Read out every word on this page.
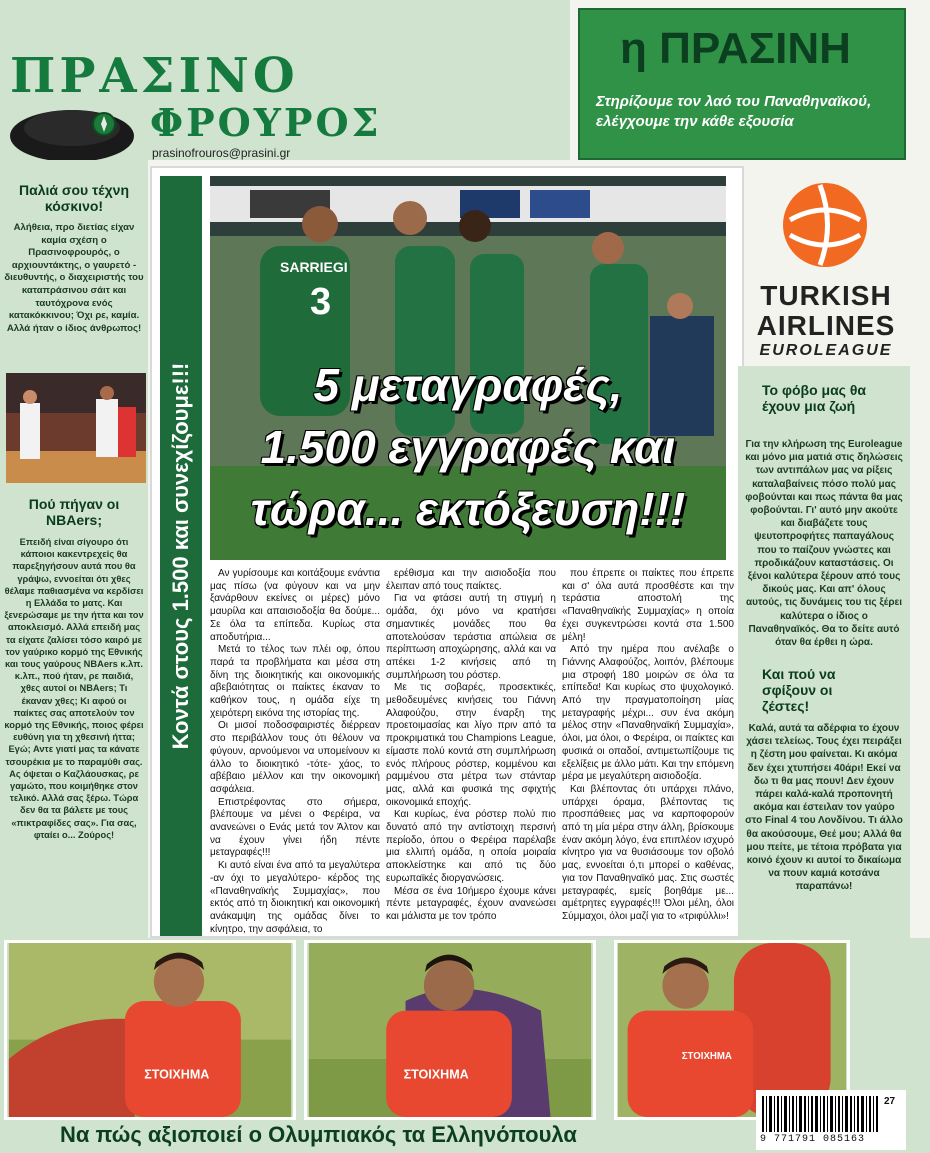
ΠΡΑΣΙΝΟ
ΦΡΟΥΡΟΣ
prasinofrouros@prasini.gr
η ΠΡΑΣΙΝΗ
Στηρίζουμε τον λαό του Παναθηναϊκού, ελέγχουμε την κάθε εξουσία
Παλιά σου τέχνη κόσκινο!
Αλήθεια, προ διετίας είχαν καμία σχέση ο Πρασινοφρουρός, ο αρχιουντάκτης, ο γαυρετό - διευθυντής, ο διαχειριστής του καταπράσινου σάιτ και ταυτόχρονα ενός κατακόκκινου; Όχι ρε, καμία. Αλλά ήταν ο ίδιος άνθρωπος!
Πού πήγαν οι NBAers;
Επειδή είναι σίγουρο ότι κάποιοι κακεντρεχείς θα παρεξηγήσουν αυτά που θα γράψω, εννοείται ότι χθες θέλαμε παθιασμένα να κερδίσει η Ελλάδα το ματς. Και ξενερώσαμε με την ήττα και τον αποκλεισμό. Αλλά επειδή μας τα είχατε ζαλίσει τόσο καιρό με τον γαύρικο κορμό της Εθνικής και τους γαύρους NBAers κ.λπ. κ.λπ., πού ήταν, ρε παιδιά, χθες αυτοί οι NBAers; Τι έκαναν χθες; Κι αφού οι παίκτες σας αποτελούν τον κορμό της Εθνικής, ποιος φέρει ευθύνη για τη χθεσινή ήττα; Εγώ; Αντε γιατί μας τα κάνατε τσουρέκια με το παραμύθι σας. Ας όψεται ο Καζλάουσκας, ρε γαμώτο, που κοιμήθηκε στον τελικό. Αλλά σας ξέρω. Τώρα δεν θα τα βάλετε με τους «πικτραφίδες σας». Για σας, φταίει ο... Ζούρος!
Κοντά στους 1.500 και συνεχίζουμε!!!
SARRIEGI
3
5 μεταγραφές,
1.500 εγγραφές και
τώρα... εκτόξευση!!!

Αν γυρίσουμε και κοιτάξουμε ενάντια μας πίσω (να φύγουν και να μην ξανάρθουν εκείνες οι μέρες) μόνο μαυρίλα και απαισιοδοξία θα δούμε... Σε όλα τα επίπεδα. Κυρίως στα αποδυτήρια...

Μετά το τέλος των πλέι οφ, όπου παρά τα προβλήματα και μέσα στη δίνη της διοικητικής και οικονομικής αβεβαιότητας οι παίκτες έκαναν το καθήκον τους, η ομάδα είχε τη χειρότερη εικόνα της ιστορίας της.

Οι μισοί ποδοσφαιριστές διέρρεαν στο περιβάλλον τους ότι θέλουν να φύγουν, αρνούμενοι να υπομείνουν κι άλλο το διοικητικό -τότε- χάος, το αβέβαιο μέλλον και την οικονομική ασφάλεια.

Επιστρέφοντας στο σήμερα, βλέπουμε να μένει ο Φερέιρα, να ανανεώνει ο Ενάς μετά τον Άλτον και να έχουν γίνει ήδη πέντε μεταγραφές!!!

Κι αυτό είναι ένα από τα μεγαλύτερα -αν όχι το μεγαλύτερο- κέρδος της «Παναθηναϊκής Συμμαχίας», που εκτός από τη διοικητική και οικονομική ανάκαμψη της ομάδας δίνει το κίνητρο, την ασφάλεια, το

ερέθισμα και την αισιοδοξία που έλειπαν από τους παίκτες.

Για να φτάσει αυτή τη στιγμή η ομάδα, όχι μόνο να κρατήσει σημαντικές μονάδες που θα αποτελούσαν τεράστια απώλεια σε περίπτωση αποχώρησης, αλλά και να απέκει 1-2 κινήσεις από τη συμπλήρωση του ρόστερ.

Με τις σοβαρές, προσεκτικές, μεθοδευμένες κινήσεις του Γιάννη Αλαφούζου, στην έναρξη της προετοιμασίας και λίγο πριν από τα προκριματικά του Champions League, είμαστε πολύ κοντά στη συμπλήρωση ενός πλήρους ρόστερ, κομμένου και ραμμένου στα μέτρα των στάνταρ μας, αλλά και φυσικά της σφιχτής οικονομικά εποχής.

Και κυρίως, ένα ρόστερ πολύ πιο δυνατό από την αντίστοιχη περσινή περίοδο, όπου ο Φερέιρα παρέλαβε μια ελλιπή ομάδα, η οποία μοιραία αποκλείστηκε και από τις δύο ευρωπαϊκές διοργανώσεις.

Μέσα σε ένα 10ήμερο έχουμε κάνει πέντε μεταγραφές, έχουν ανανεώσει και μάλιστα με τον τρόπο

που έπρεπε οι παίκτες που έπρεπε και σ' όλα αυτά προσθέστε και την τεράστια αποστολή της «Παναθηναϊκής Συμμαχίας» η οποία έχει συγκεντρώσει κοντά στα 1.500 μέλη!

Από την ημέρα που ανέλαβε ο Γιάννης Αλαφούζος, λοιπόν, βλέπουμε μια στροφή 180 μοιρών σε όλα τα επίπεδα! Και κυρίως στο ψυχολογικό. Από την πραγματοποίηση μίας μεταγραφής μέχρι... συν ένα ακόμη μέλος στην «Παναθηναϊκή Συμμαχία», όλοι, μα όλοι, ο Φερέιρα, οι παίκτες και φυσικά οι οπαδοί, αντιμετωπίζουμε τις εξελίξεις με άλλο μάτι. Και την επόμενη μέρα με μεγαλύτερη αισιοδοξία.

Και βλέποντας ότι υπάρχει πλάνο, υπάρχει όραμα, βλέποντας τις προσπάθειες μας να καρποφορούν από τη μία μέρα στην άλλη, βρίσκουμε έναν ακόμη λόγο, ένα επιπλέον ισχυρό κίνητρο για να θυσιάσουμε τον οβολό μας, εννοείται ό,τι μπορεί ο καθένας, για τον Παναθηναϊκό μας. Στις σωστές μεταγραφές, εμείς βοηθάμε με... αμέτρητες εγγραφές!!! Όλοι μέλη, όλοι Σύμμαχοι, όλοι μαζί για το «τριφύλλι»!

TURKISH
AIRLINES
EUROLEAGUE
Το φόβο μας θα έχουν μια ζωή
Για την κλήρωση της Euroleague και μόνο μια ματιά στις δηλώσεις των αντιπάλων μας να ρίξεις καταλαβαίνεις πόσο πολύ μας φοβούνται και πως πάντα θα μας φοβούνται. Γι' αυτό μην ακούτε και διαβάζετε τους ψευτοπροφήτες παπαγάλους που το παίζουν γνώστες και προδικάζουν καταστάσεις. Οι ξένοι καλύτερα ξέρουν από τους δικούς μας. Και απ' όλους αυτούς, τις δυνάμεις του τις ξέρει καλύτερα ο ίδιος ο Παναθηναϊκός. Θα το δείτε αυτό όταν θα έρθει η ώρα.
Και πού να σφίξουν οι ζέστες!
Καλά, αυτά τα αδέρφια το έχουν χάσει τελείως. Τους έχει πειράξει η ζέστη μου φαίνεται. Κι ακόμα δεν έχει χτυπήσει 40άρι! Εκεί να δω τι θα μας πουν! Δεν έχουν πάρει καλά-καλά προπονητή ακόμα και έστειλαν τον γαύρο στο Final 4 του Λονδίνου. Τι άλλο θα ακούσουμε, Θεέ μου; Αλλά θα μου πείτε, με τέτοια πρόβατα για κοινό έχουν κι αυτοί το δικαίωμα να πουν καμιά κοτσάνα παραπάνω!
ΣΤΟΙΧΗΜΑ	ΣΤΟΙΧΗΜΑ
ΣΤΟΙΧΗΜΑ
Να πώς αξιοποιεί ο Ολυμπιακός τα Ελληνόπουλα
27
9 771791 085163
